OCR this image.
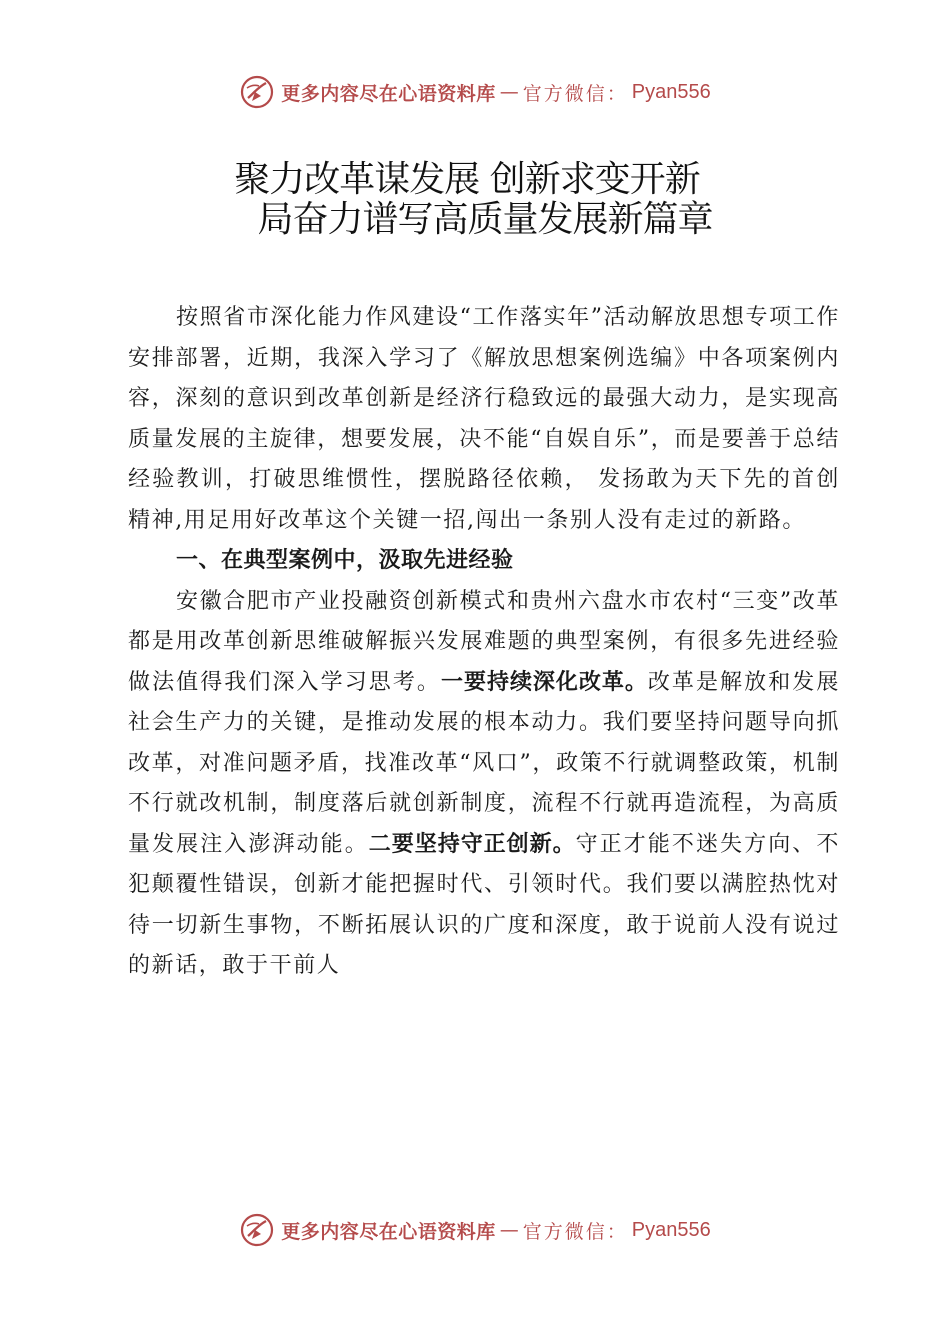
更多内容尽在心语资料库 — 官方微信： Pyan556
聚力改革谋发展 创新求变开新
局奋力谱写高质量发展新篇章

按照省市深化能力作风建设“工作落实年”活动解放思想专项工作安排部署，近期，我深入学习了《解放思想案例选编》中各项案例内容，深刻的意识到改革创新是经济行稳致远的最强大动力，是实现高质量发展的主旋律，想要发展，决不能“自娱自乐”，而是要善于总结经验教训，打破思维惯性，摆脱路径依赖， 发扬敢为天下先的首创精神,用足用好改革这个关键一招,闯出一条别人没有走过的新路。

一、在典型案例中，汲取先进经验

安徽合肥市产业投融资创新模式和贵州六盘水市农村“三变”改革都是用改革创新思维破解振兴发展难题的典型案例，有很多先进经验做法值得我们深入学习思考。一要持续深化改革。改革是解放和发展社会生产力的关键，是推动发展的根本动力。我们要坚持问题导向抓改革，对准问题矛盾，找准改革“风口”，政策不行就调整政策，机制不行就改机制，制度落后就创新制度，流程不行就再造流程，为高质量发展注入澎湃动能。二要坚持守正创新。守正才能不迷失方向、不犯颠覆性错误，创新才能把握时代、引领时代。我们要以满腔热忱对待一切新生事物，不断拓展认识的广度和深度，敢于说前人没有说过的新话，敢于干前人

更多内容尽在心语资料库 — 官方微信： Pyan556
